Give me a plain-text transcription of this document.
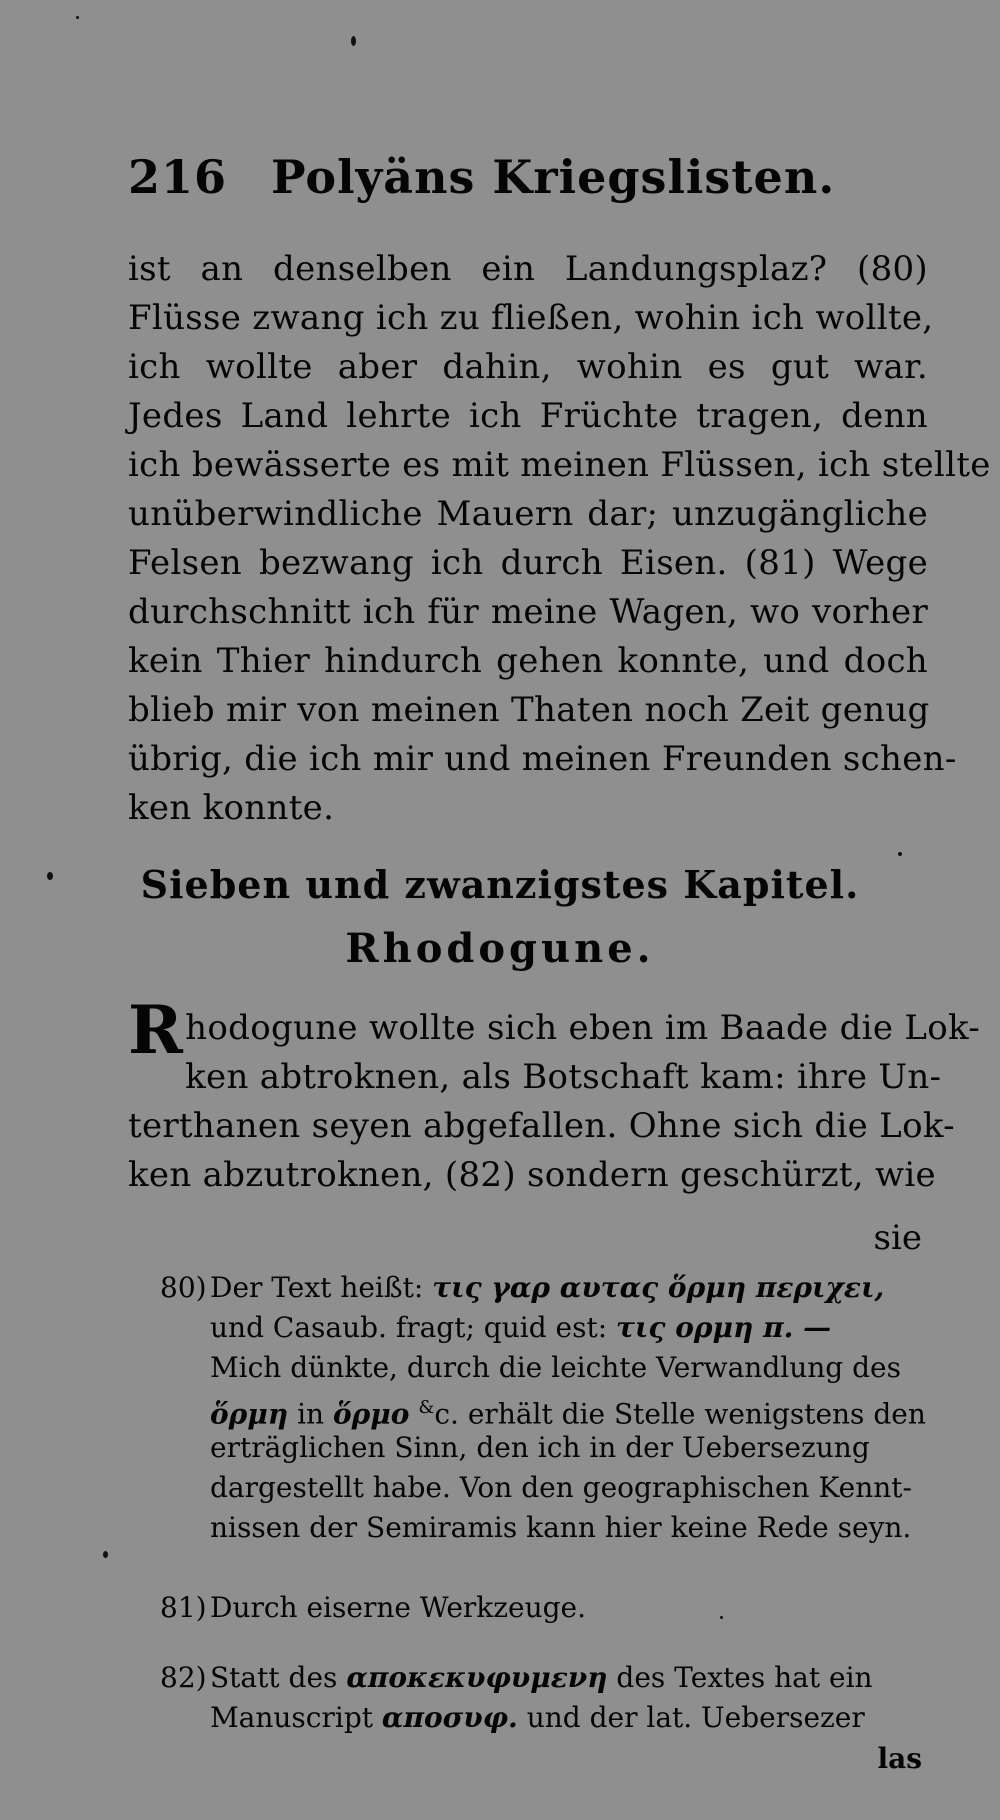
216 Polyäns Kriegslisten.
ist an denselben ein Landungsplaz? (80)
Flüsse zwang ich zu fließen, wohin ich wollte,
ich wollte aber dahin, wohin es gut war.
Jedes Land lehrte ich Früchte tragen, denn
ich bewässerte es mit meinen Flüssen, ich stellte
unüberwindliche Mauern dar; unzugängliche
Felsen bezwang ich durch Eisen. (81) Wege
durchschnitt ich für meine Wagen, wo vorher
kein Thier hindurch gehen konnte, und doch
blieb mir von meinen Thaten noch Zeit genug
übrig, die ich mir und meinen Freunden schen-
ken konnte.
Sieben und zwanzigstes Kapitel.
Rhodogune.
R hodogune wollte sich eben im Baade die Lok-
ken abtroknen, als Botschaft kam: ihre Un-
terthanen seyen abgefallen. Ohne sich die Lok-
ken abzutroknen, (82) sondern geschürzt, wie
sie
80) Der Text heißt: τις γαρ αυτας ὅρμη περιχει,
und Casaub. fragt; quid est: τις ορμη π. —
Mich dünkte, durch die leichte Verwandlung des
ὅρμη in ὅρμο &c. erhält die Stelle wenigstens den
erträglichen Sinn, den ich in der Uebersezung
dargestellt habe. Von den geographischen Kennt-
nissen der Semiramis kann hier keine Rede seyn.
81) Durch eiserne Werkzeuge.
82) Statt des αποκεκυφυμενη des Textes hat ein
Manuscript αποσυφ. und der lat. Uebersezer
las
